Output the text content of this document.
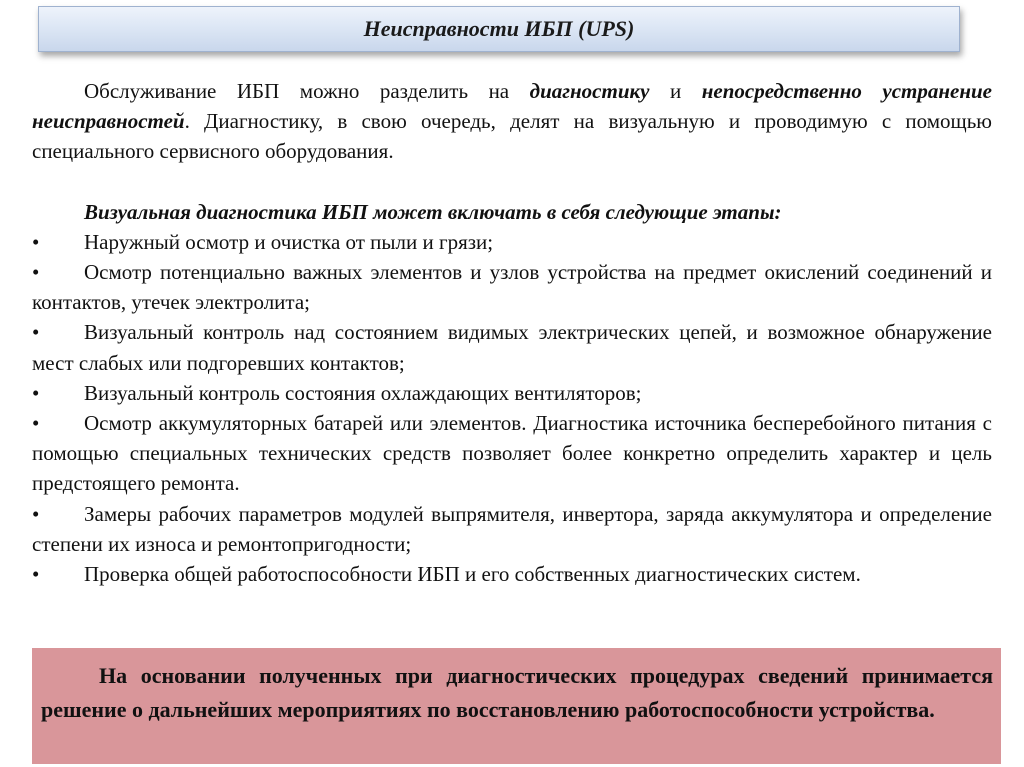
Неисправности ИБП (UPS)

Обслуживание ИБП можно разделить на диагностику и непосредственно устранение неисправностей. Диагностику, в свою очередь, делят на визуальную и проводимую с помощью специального сервисного оборудования.

Визуальная диагностика ИБП может включать в себя следующие этапы:

• Наружный осмотр и очистка от пыли и грязи;
• Осмотр потенциально важных элементов и узлов устройства на предмет окислений соединений и контактов, утечек электролита;
• Визуальный контроль над состоянием видимых электрических цепей, и возможное обнаружение мест слабых или подгоревших контактов;
• Визуальный контроль состояния охлаждающих вентиляторов;
• Осмотр аккумуляторных батарей или элементов. Диагностика источника бесперебойного питания с помощью специальных технических средств позволяет более конкретно определить характер и цель предстоящего ремонта.
• Замеры рабочих параметров модулей выпрямителя, инвертора, заряда аккумулятора и определение степени их износа и ремонтопригодности;
• Проверка общей работоспособности ИБП и его собственных диагностических систем.
На основании полученных при диагностических процедурах сведений принимается решение о дальнейших мероприятиях по восстановлению работоспособности устройства.
